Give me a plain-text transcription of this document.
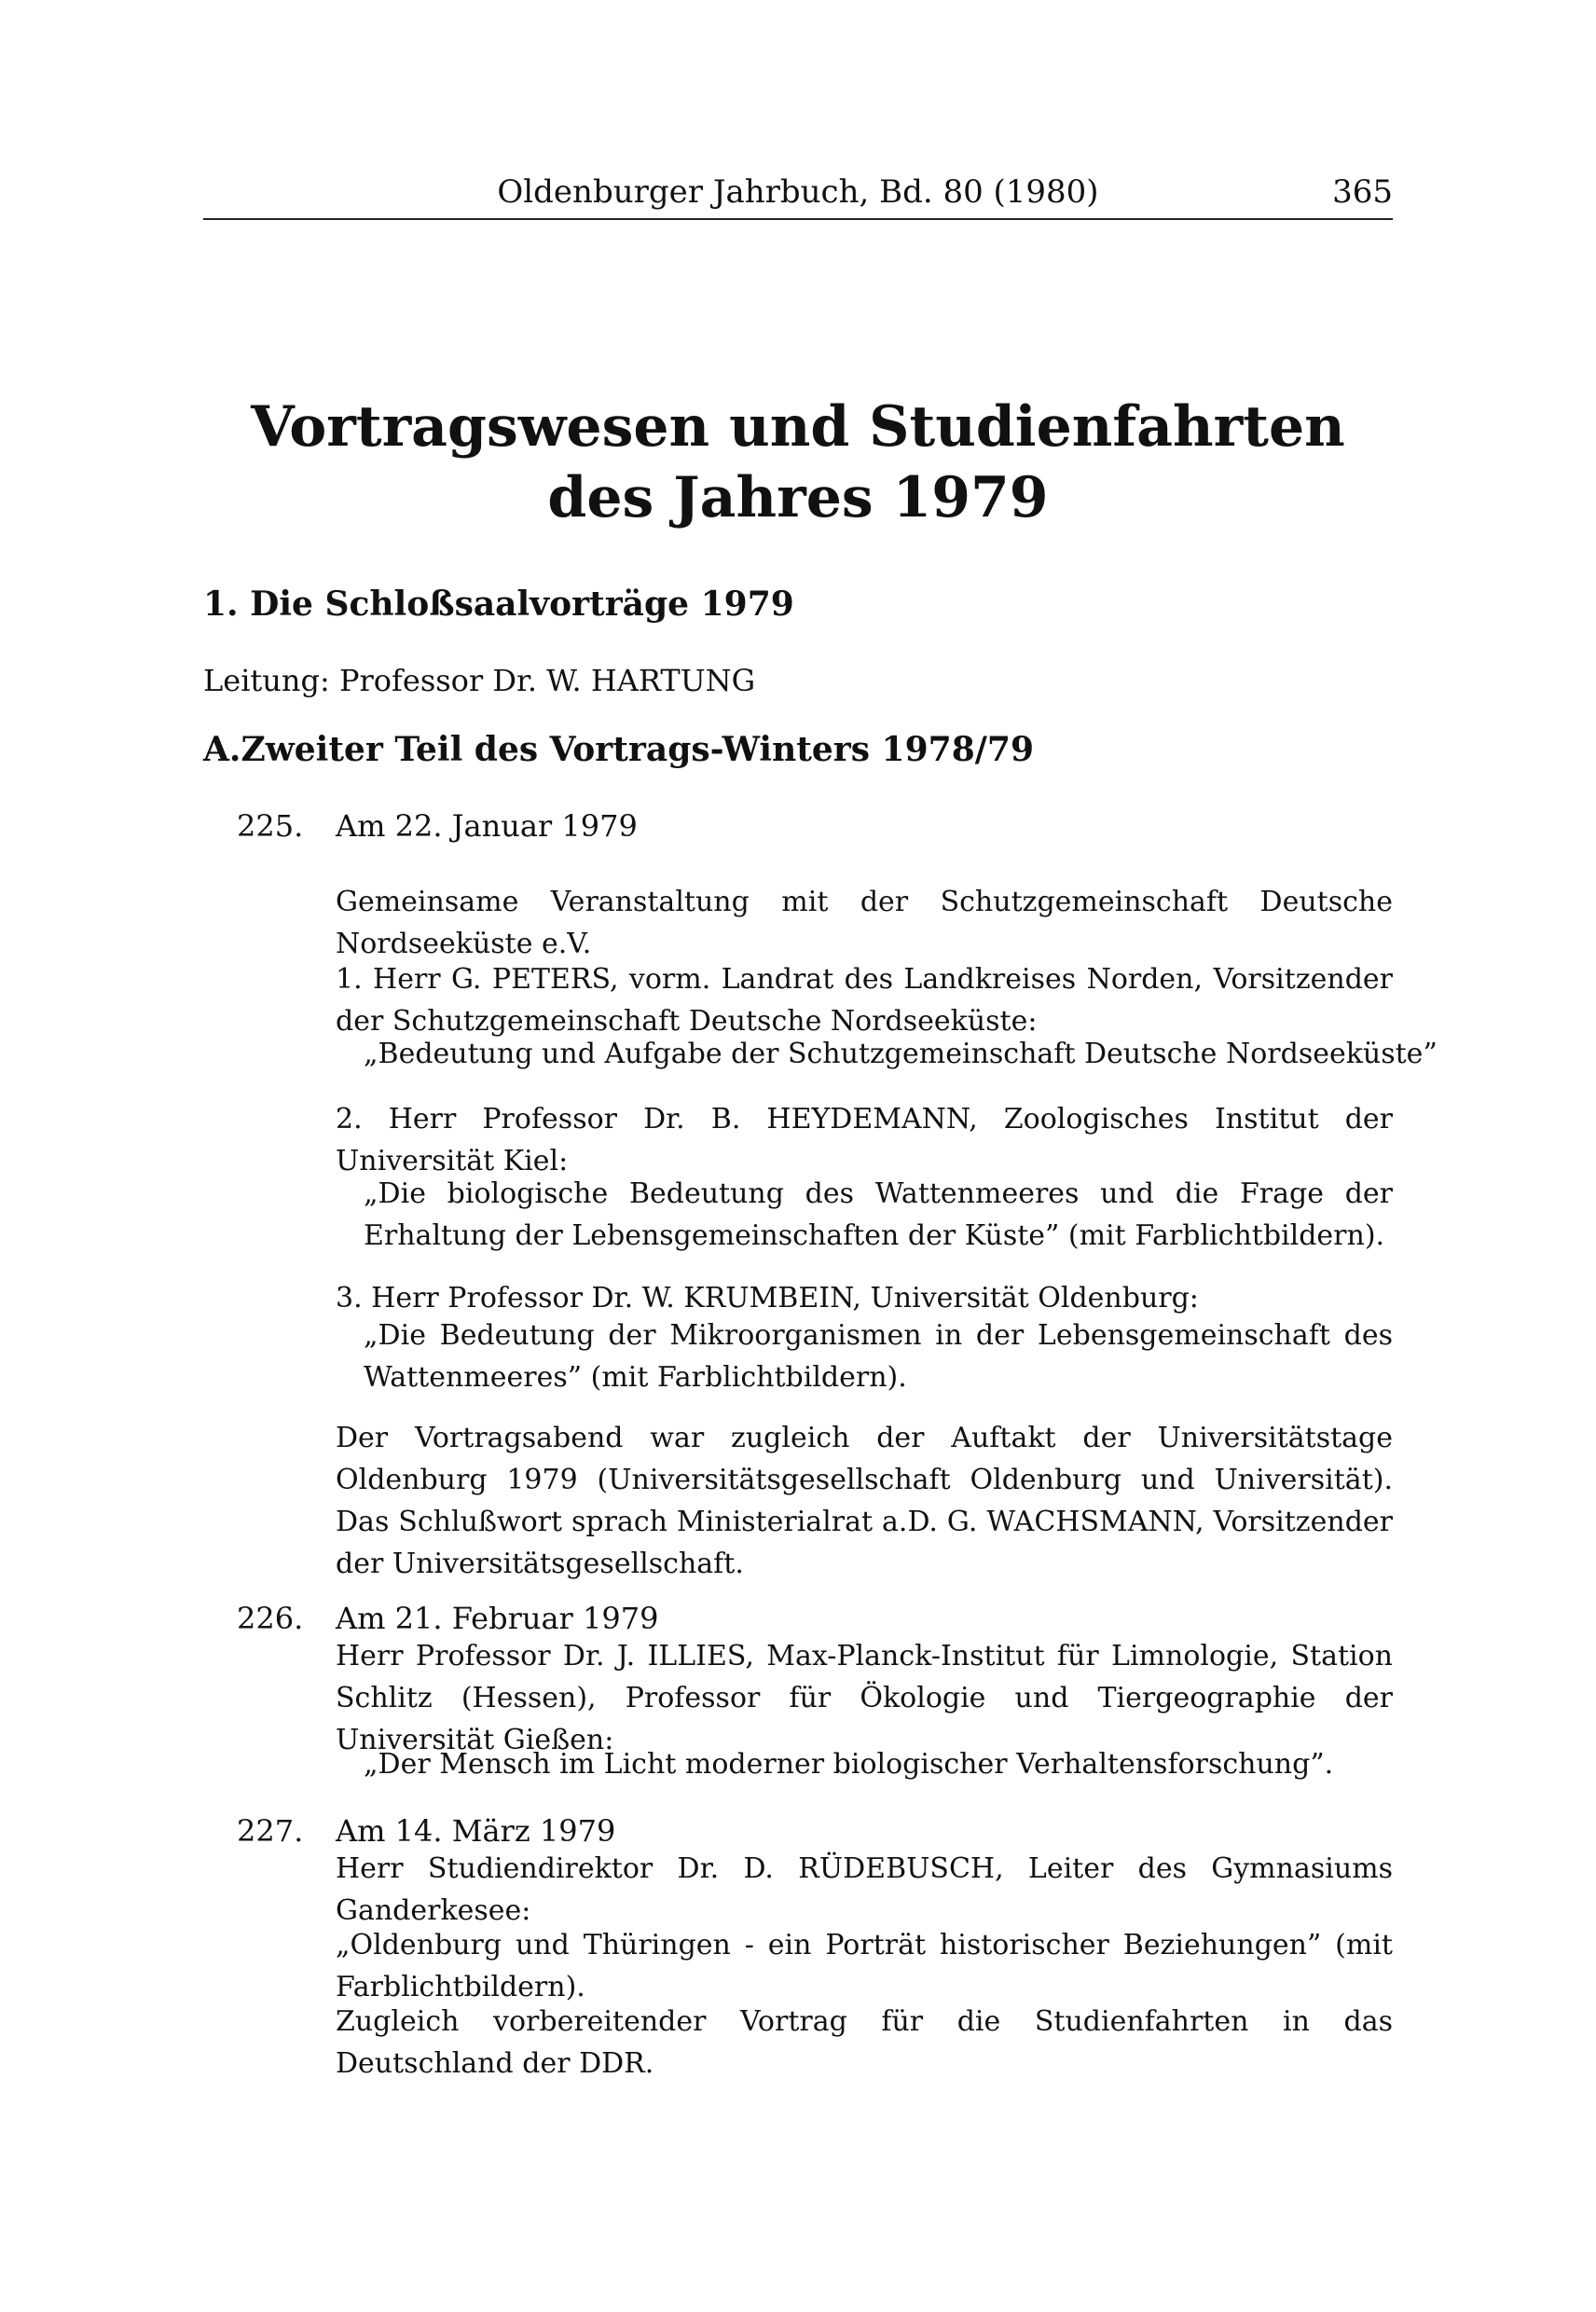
Oldenburger Jahrbuch, Bd. 80 (1980)	365
Vortragswesen und Studienfahrten
des Jahres 1979
1. Die Schloßsaalvorträge 1979
Leitung: Professor Dr. W. HARTUNG
A.Zweiter Teil des Vortrags-Winters 1978/79
225. Am 22. Januar 1979
Gemeinsame Veranstaltung mit der Schutzgemeinschaft Deutsche Nordseeküste e.V.
1. Herr G. PETERS, vorm. Landrat des Landkreises Norden, Vorsitzender der Schutzgemeinschaft Deutsche Nordseeküste:
„Bedeutung und Aufgabe der Schutzgemeinschaft Deutsche Nordseeküste”
2. Herr Professor Dr. B. HEYDEMANN, Zoologisches Institut der Universität Kiel:
„Die biologische Bedeutung des Wattenmeeres und die Frage der Erhaltung der Lebensgemeinschaften der Küste” (mit Farblichtbildern).
3. Herr Professor Dr. W. KRUMBEIN, Universität Oldenburg:
„Die Bedeutung der Mikroorganismen in der Lebensgemeinschaft des Wattenmeeres” (mit Farblichtbildern).
Der Vortragsabend war zugleich der Auftakt der Universitätstage Oldenburg 1979 (Universitätsgesellschaft Oldenburg und Universität). Das Schlußwort sprach Ministerialrat a.D. G. WACHSMANN, Vorsitzender der Universitätsgesellschaft.
226. Am 21. Februar 1979
Herr Professor Dr. J. ILLIES, Max-Planck-Institut für Limnologie, Station Schlitz (Hessen), Professor für Ökologie und Tiergeographie der Universität Gießen:
„Der Mensch im Licht moderner biologischer Verhaltensforschung”.
227. Am 14. März 1979
Herr Studiendirektor Dr. D. RÜDEBUSCH, Leiter des Gymnasiums Ganderkesee:
„Oldenburg und Thüringen - ein Porträt historischer Beziehungen” (mit Farblichtbildern).
Zugleich vorbereitender Vortrag für die Studienfahrten in das Deutschland der DDR.
